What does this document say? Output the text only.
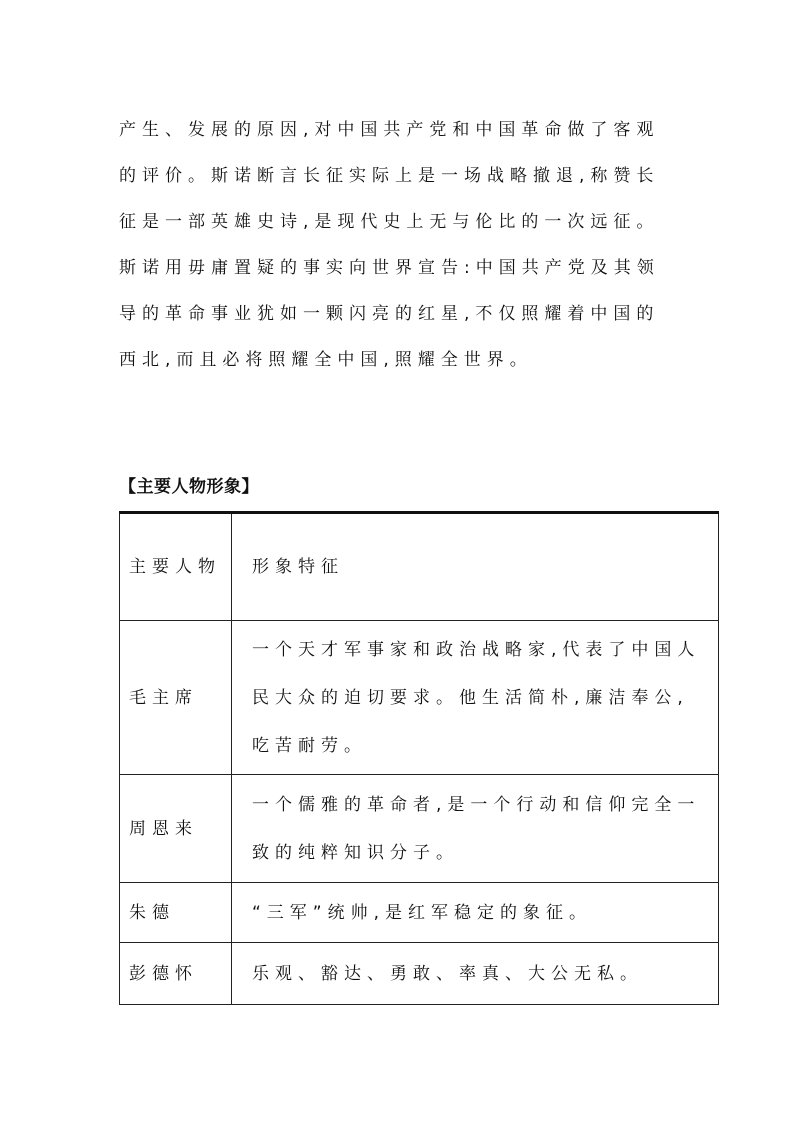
产生、发展的原因,对中国共产党和中国革命做了客观
的评价。斯诺断言长征实际上是一场战略撤退,称赞长
征是一部英雄史诗,是现代史上无与伦比的一次远征。
斯诺用毋庸置疑的事实向世界宣告:中国共产党及其领
导的革命事业犹如一颗闪亮的红星,不仅照耀着中国的
西北,而且必将照耀全中国,照耀全世界。
【主要人物形象】
主要人物	形象特征
毛主席	一个天才军事家和政治战略家,代表了中国人民大众的迫切要求。他生活简朴,廉洁奉公,吃苦耐劳。
周恩来	一个儒雅的革命者,是一个行动和信仰完全一致的纯粹知识分子。
朱德	“三军”统帅,是红军稳定的象征。
彭德怀	乐观、豁达、勇敢、率真、大公无私。
